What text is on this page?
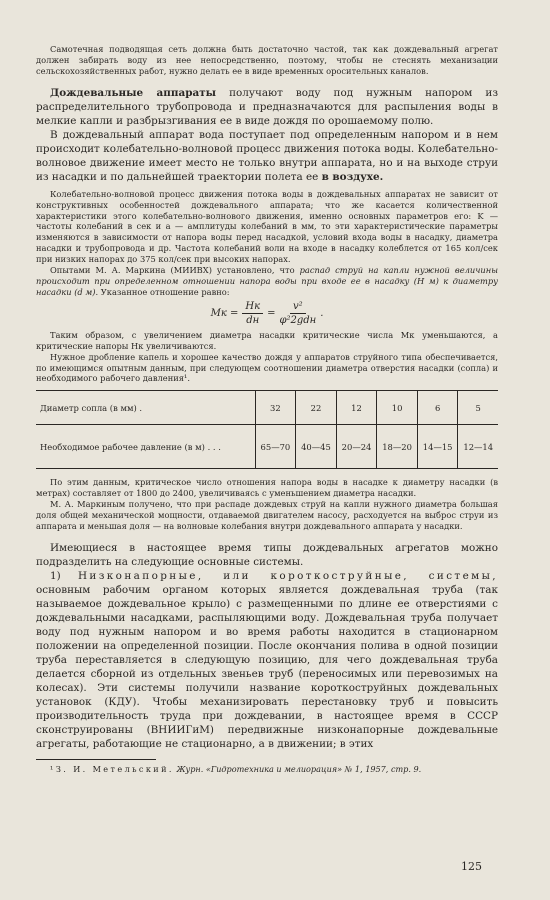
Самотечная подводящая сеть должна быть достаточно частой, так как дождевальный агрегат должен забирать воду из нее непосредственно, поэтому, чтобы не стеснять механизации сельскохозяйственных работ, нужно делать ее в виде временных оросительных каналов.

Дождевальные аппараты получают воду под нужным напором из распределительного трубопровода и предназначаются для распыления воды в мелкие капли и разбрызгивания ее в виде дождя по орошаемому полю.

В дождевальный аппарат вода поступает под определенным напором и в нем происходит колебательно-волновой процесс движения потока воды. Колебательно-волновое движение имеет место не только внутри аппарата, но и на выходе струи из насадки и по дальнейшей траектории полета ее в воздухе.

Колебательно-волновой процесс движения потока воды в дождевальных аппаратах не зависит от конструктивных особенностей дождевального аппарата; что же касается количественной характеристики этого колебательно-волнового движения, именно основных параметров его: K — частоты колебаний в сек и a — амплитуды колебаний в мм, то эти характеристические параметры изменяются в зависимости от напора воды перед насадкой, условий входа воды в насадку, диаметра насадки и трубопровода и др. Частота колебаний воли на входе в насадку колеблется от 165 кол/сек при низких напорах до 375 кол/сек при высоких напорах.

Опытами М. А. Маркина (МИИВХ) установлено, что распад струй на капли нужной величины происходит при определенном отношении напора воды при входе ее в насадку (H м) к диаметру насадки (d м). Указанное отношение равно:

Mк = $\frac{Hк}{dн} = \frac{\text{v²}}{\text{φ²2gdн}}$ .

Таким образом, с увеличением диаметра насадки критические числа Mк уменьшаются, а критические напоры Hк увеличиваются.

Нужное дробление капель и хорошее качество дождя у аппаратов струйного типа обеспечивается, по имеющимся опытным данным, при следующем соотношении диаметра отверстия насадки (сопла) и необходимого рабочего давления¹.

Диаметр сопла (в мм) .	32	22	12	10	6	5
Необходимое рабочее давление (в м) . . .	65—70	40—45	20—24	18—20	14—15	12—14

По этим данным, критическое число отношения напора воды в насадке к диаметру насадки (в метрах) составляет от 1800 до 2400, увеличиваясь с уменьшением диаметра насадки.

М. А. Маркиным получено, что при распаде дождевых струй на капли нужного диаметра большая доля общей механической мощности, отдаваемой двигателем насосу, расходуется на выброс струи из аппарата и меньшая доля — на волновые колебания внутри дождевального аппарата у насадки.

Имеющиеся в настоящее время типы дождевальных агрегатов можно подразделить на следующие основные системы.

1) Низконапорные, или короткоструйные, системы, основным рабочим органом которых является дождевальная труба (так называемое дождевальное крыло) с размещенными по длине ее отверстиями с дождевальными насадками, распыляющими воду. Дождевальная труба получает воду под нужным напором и во время работы находится в стационарном положении на определенной позиции. После окончания полива в одной позиции труба переставляется в следующую позицию, для чего дождевальная труба делается сборной из отдельных звеньев труб (переносимых или перевозимых на колесах). Эти системы получили название короткоструйных дождевальных установок (КДУ). Чтобы механизировать перестановку труб и повысить производительность труда при дождевании, в настоящее время в СССР сконструированы (ВНИИГиМ) передвижные низконапорные дождевальные агрегаты, работающие не стационарно, а в движении; в этих

¹ З. И. Метельский. Журн. «Гидротехника и мелиорация» № 1, 1957, стр. 9.

125
